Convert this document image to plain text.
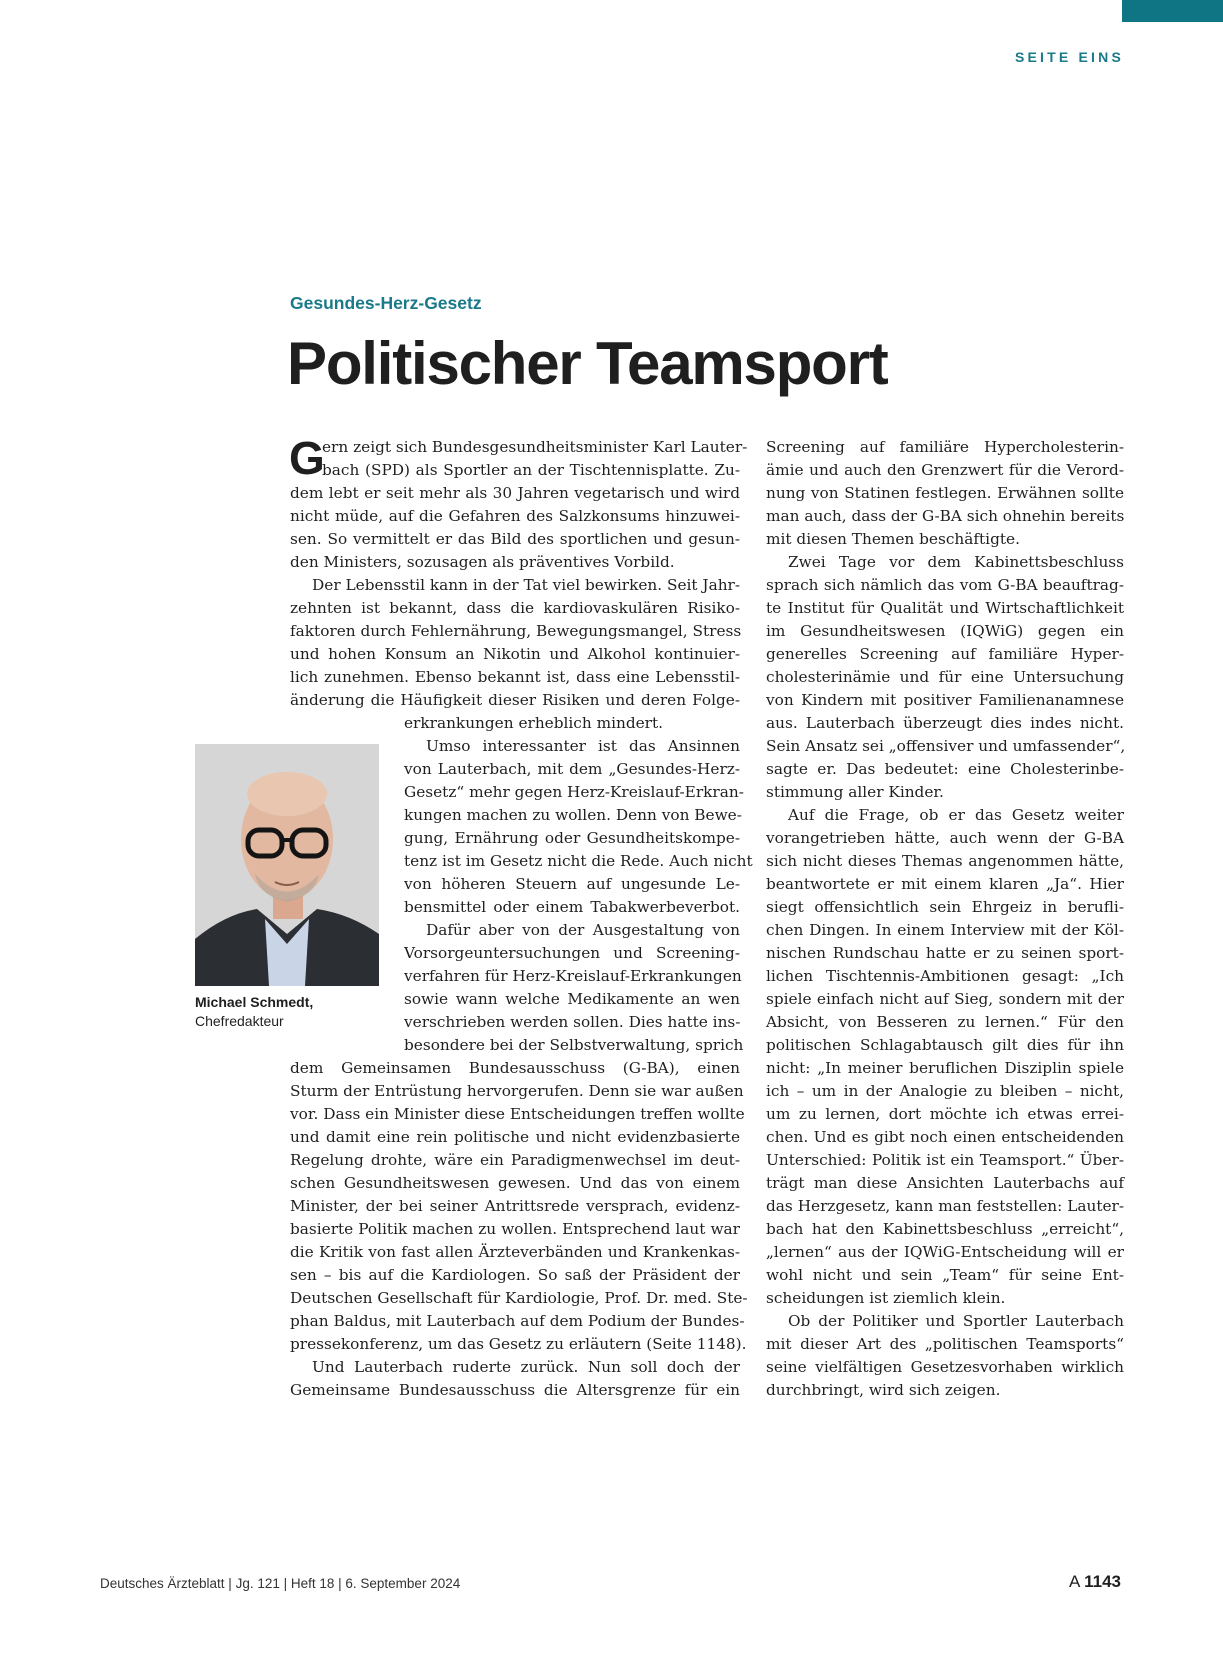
SEITE EINS
Gesundes-Herz-Gesetz
Politischer Teamsport
G
ern zeigt sich Bundesgesundheitsminister Karl Lauter-
bach (SPD) als Sportler an der Tischtennisplatte. Zu-
dem lebt er seit mehr als 30 Jahren vegetarisch und wird
nicht müde, auf die Gefahren des Salzkonsums hinzuwei-
sen. So vermittelt er das Bild des sportlichen und gesun-
den Ministers, sozusagen als präventives Vorbild.
Der Lebensstil kann in der Tat viel bewirken. Seit Jahr-
zehnten ist bekannt, dass die kardiovaskulären Risiko-
faktoren durch Fehlernährung, Bewegungsmangel, Stress
und hohen Konsum an Nikotin und Alkohol kontinuier-
lich zunehmen. Ebenso bekannt ist, dass eine Lebensstil-
änderung die Häufigkeit dieser Risiken und deren Folge-
erkrankungen erheblich mindert.
Umso interessanter ist das Ansinnen
von Lauterbach, mit dem „Gesundes-Herz-
Gesetz“ mehr gegen Herz-Kreislauf-Erkran-
kungen machen zu wollen. Denn von Bewe-
gung, Ernährung oder Gesundheitskompe-
tenz ist im Gesetz nicht die Rede. Auch nicht
von höheren Steuern auf ungesunde Le-
bensmittel oder einem Tabakwerbeverbot.
Dafür aber von der Ausgestaltung von
Vorsorgeuntersuchungen und Screening-
verfahren für Herz-Kreislauf-Erkrankungen
sowie wann welche Medikamente an wen
verschrieben werden sollen. Dies hatte ins-
besondere bei der Selbstverwaltung, sprich
dem Gemeinsamen Bundesausschuss (G-BA), einen
Sturm der Entrüstung hervorgerufen. Denn sie war außen
vor. Dass ein Minister diese Entscheidungen treffen wollte
und damit eine rein politische und nicht evidenzbasierte
Regelung drohte, wäre ein Paradigmenwechsel im deut-
schen Gesundheitswesen gewesen. Und das von einem
Minister, der bei seiner Antrittsrede versprach, evidenz-
basierte Politik machen zu wollen. Entsprechend laut war
die Kritik von fast allen Ärzteverbänden und Krankenkas-
sen – bis auf die Kardiologen. So saß der Präsident der
Deutschen Gesellschaft für Kardiologie, Prof. Dr. med. Ste-
phan Baldus, mit Lauterbach auf dem Podium der Bundes-
pressekonferenz, um das Gesetz zu erläutern (Seite 1148).
Und Lauterbach ruderte zurück. Nun soll doch der
Gemeinsame Bundesausschuss die Altersgrenze für ein
Screening auf familiäre Hypercholesterin-
ämie und auch den Grenzwert für die Verord-
nung von Statinen festlegen. Erwähnen sollte
man auch, dass der G-BA sich ohnehin bereits
mit diesen Themen beschäftigte.
Zwei Tage vor dem Kabinettsbeschluss
sprach sich nämlich das vom G-BA beauftrag-
te Institut für Qualität und Wirtschaftlichkeit
im Gesundheitswesen (IQWiG) gegen ein
generelles Screening auf familiäre Hyper-
cholesterinämie und für eine Untersuchung
von Kindern mit positiver Familienanamnese
aus. Lauterbach überzeugt dies indes nicht.
Sein Ansatz sei „offensiver und umfassender“,
sagte er. Das bedeutet: eine Cholesterinbe-
stimmung aller Kinder.
Auf die Frage, ob er das Gesetz weiter
vorangetrieben hätte, auch wenn der G-BA
sich nicht dieses Themas angenommen hätte,
beantwortete er mit einem klaren „Ja“. Hier
siegt offensichtlich sein Ehrgeiz in berufli-
chen Dingen. In einem Interview mit der Köl-
nischen Rundschau hatte er zu seinen sport-
lichen Tischtennis-Ambitionen gesagt: „Ich
spiele einfach nicht auf Sieg, sondern mit der
Absicht, von Besseren zu lernen.“ Für den
politischen Schlagabtausch gilt dies für ihn
nicht: „In meiner beruflichen Disziplin spiele
ich – um in der Analogie zu bleiben – nicht,
um zu lernen, dort möchte ich etwas errei-
chen. Und es gibt noch einen entscheidenden
Unterschied: Politik ist ein Teamsport.“ Über-
trägt man diese Ansichten Lauterbachs auf
das Herzgesetz, kann man feststellen: Lauter-
bach hat den Kabinettsbeschluss „erreicht“,
„lernen“ aus der IQWiG-Entscheidung will er
wohl nicht und sein „Team“ für seine Ent-
scheidungen ist ziemlich klein.
Ob der Politiker und Sportler Lauterbach
mit dieser Art des „politischen Teamsports“
seine vielfältigen Gesetzesvorhaben wirklich
durchbringt, wird sich zeigen.
Michael Schmedt,
Chefredakteur
Deutsches Ärzteblatt | Jg. 121 | Heft 18 | 6. September 2024	A 1143
